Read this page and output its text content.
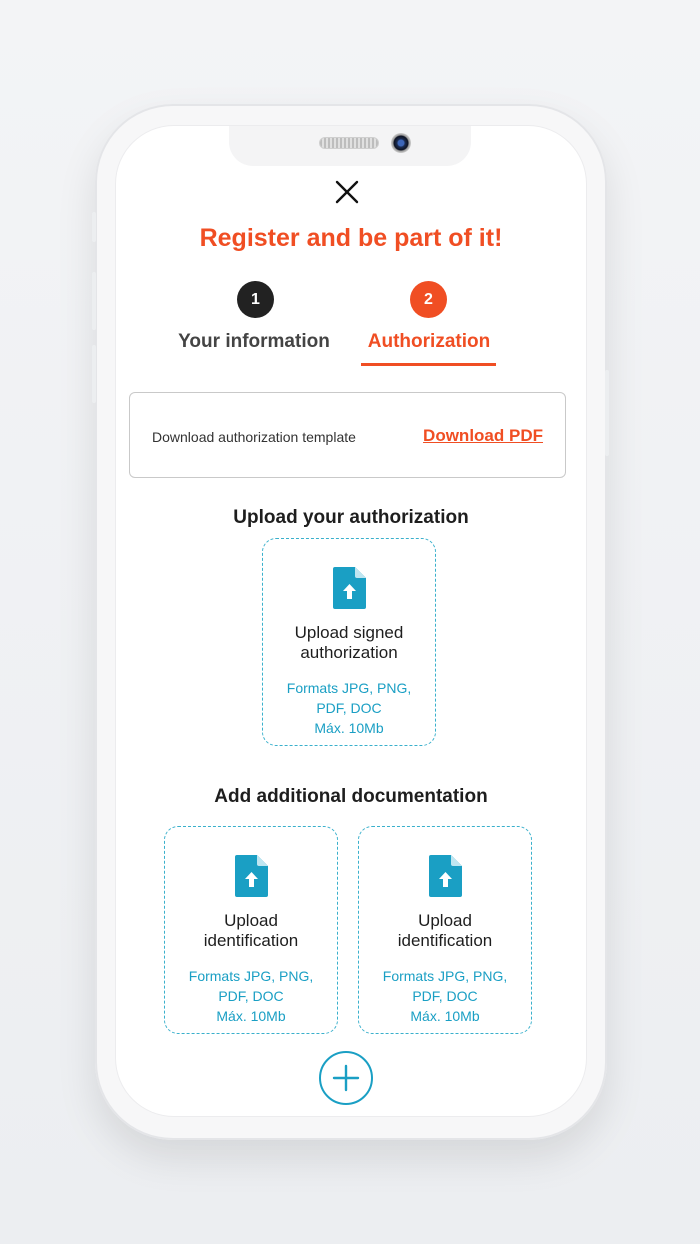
Register and be part of it!
1
Your information
2
Authorization
Download authorization template	Download PDF
Upload your authorization
Upload signed
authorization
Formats JPG, PNG,
PDF, DOC
Máx. 10Mb
Add additional documentation
Upload
identification
Formats JPG, PNG,
PDF, DOC
Máx. 10Mb
Upload
identification
Formats JPG, PNG,
PDF, DOC
Máx. 10Mb
